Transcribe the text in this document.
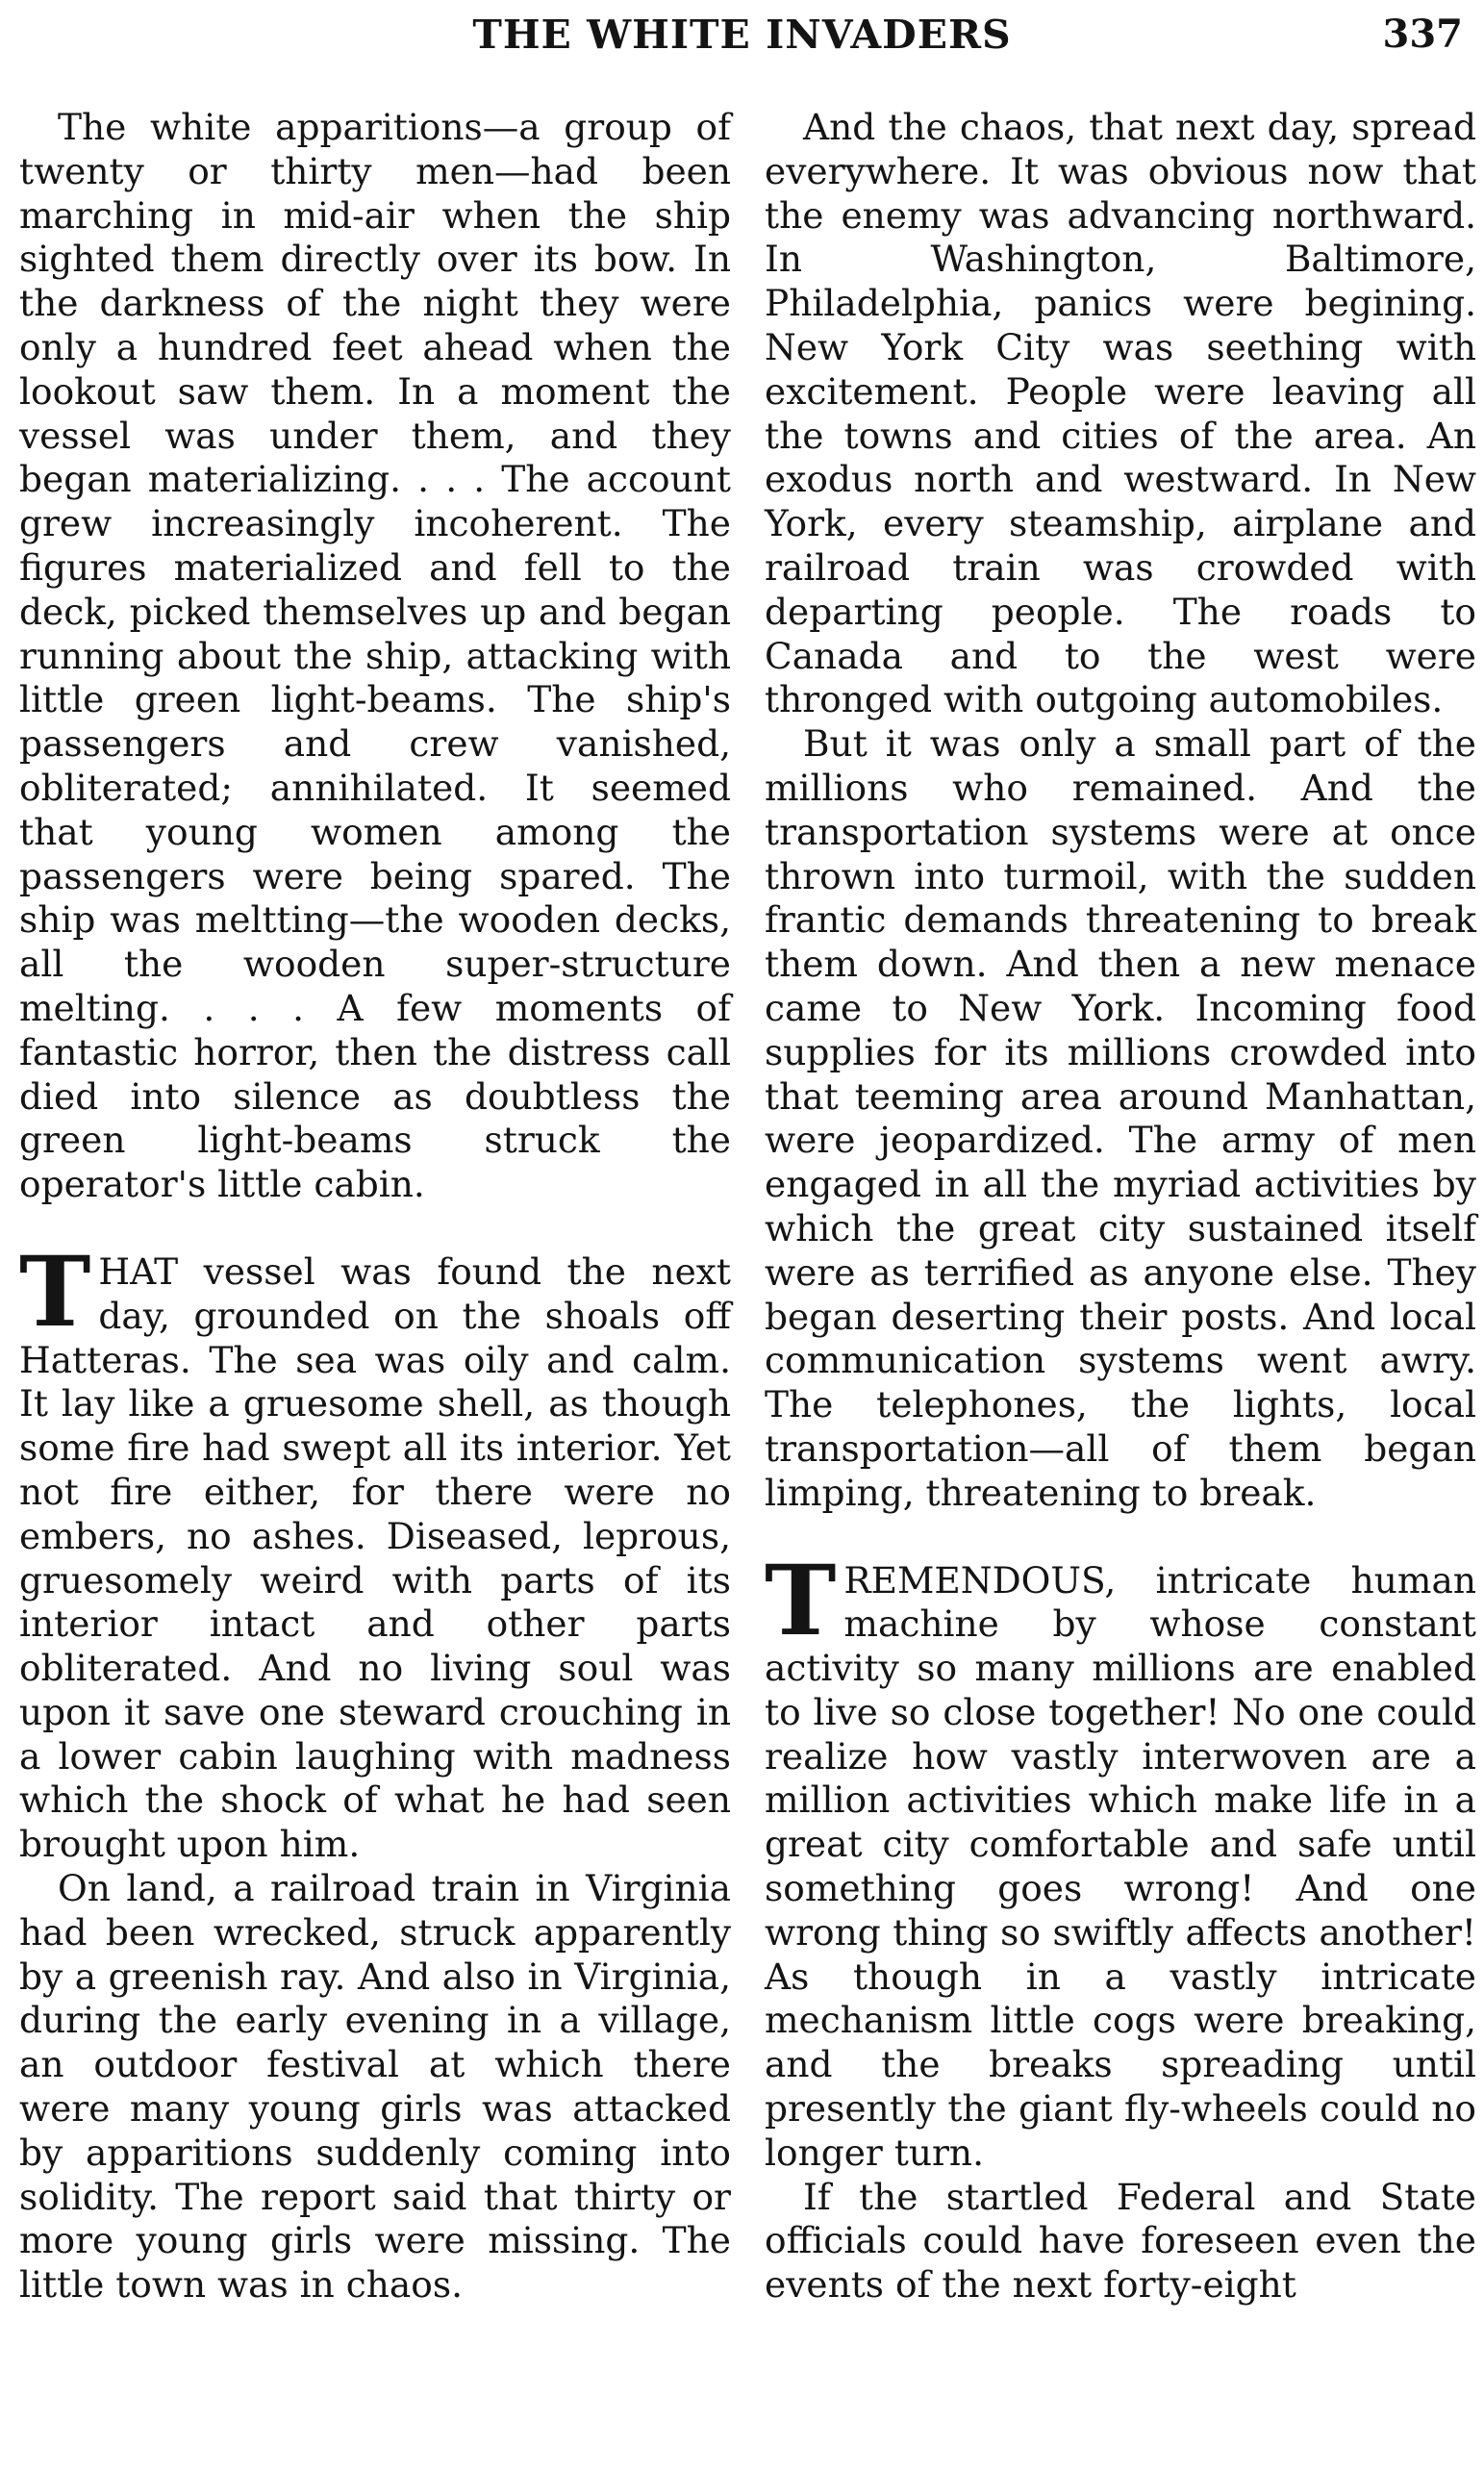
THE WHITE INVADERS	337

The white apparitions—a group of twenty or thirty men—had been marching in mid-air when the ship sighted them directly over its bow. In the darkness of the night they were only a hundred feet ahead when the lookout saw them. In a moment the vessel was under them, and they began materializing. . . . The account grew increasingly incoherent. The figures materialized and fell to the deck, picked themselves up and began running about the ship, attacking with little green light-beams. The ship's passengers and crew vanished, obliterated; annihilated. It seemed that young women among the passengers were being spared. The ship was meltting—the wooden decks, all the wooden super-structure melting. . . . A few moments of fantastic horror, then the distress call died into silence as doubtless the green light-beams struck the operator's little cabin.

THAT vessel was found the next day, grounded on the shoals off Hatteras. The sea was oily and calm. It lay like a gruesome shell, as though some fire had swept all its interior. Yet not fire either, for there were no embers, no ashes. Diseased, leprous, gruesomely weird with parts of its interior intact and other parts obliterated. And no living soul was upon it save one steward crouching in a lower cabin laughing with madness which the shock of what he had seen brought upon him.

On land, a railroad train in Virginia had been wrecked, struck apparently by a greenish ray. And also in Virginia, during the early evening in a village, an outdoor festival at which there were many young girls was attacked by apparitions suddenly coming into solidity. The report said that thirty or more young girls were missing. The little town was in chaos.

And the chaos, that next day, spread everywhere. It was obvious now that the enemy was advancing northward. In Washington, Baltimore, Philadelphia, panics were begining. New York City was seething with excitement. People were leaving all the towns and cities of the area. An exodus north and westward. In New York, every steamship, airplane and railroad train was crowded with departing people. The roads to Canada and to the west were thronged with outgoing automobiles.

But it was only a small part of the millions who remained. And the transportation systems were at once thrown into turmoil, with the sudden frantic demands threatening to break them down. And then a new menace came to New York. Incoming food supplies for its millions crowded into that teeming area around Manhattan, were jeopardized. The army of men engaged in all the myriad activities by which the great city sustained itself were as terrified as anyone else. They began deserting their posts. And local communication systems went awry. The telephones, the lights, local transportation—all of them began limping, threatening to break.

TREMENDOUS, intricate human machine by whose constant activity so many millions are enabled to live so close together! No one could realize how vastly interwoven are a million activities which make life in a great city comfortable and safe until something goes wrong! And one wrong thing so swiftly affects another! As though in a vastly intricate mechanism little cogs were breaking, and the breaks spreading until presently the giant fly-wheels could no longer turn.

If the startled Federal and State officials could have foreseen even the events of the next forty-eight
